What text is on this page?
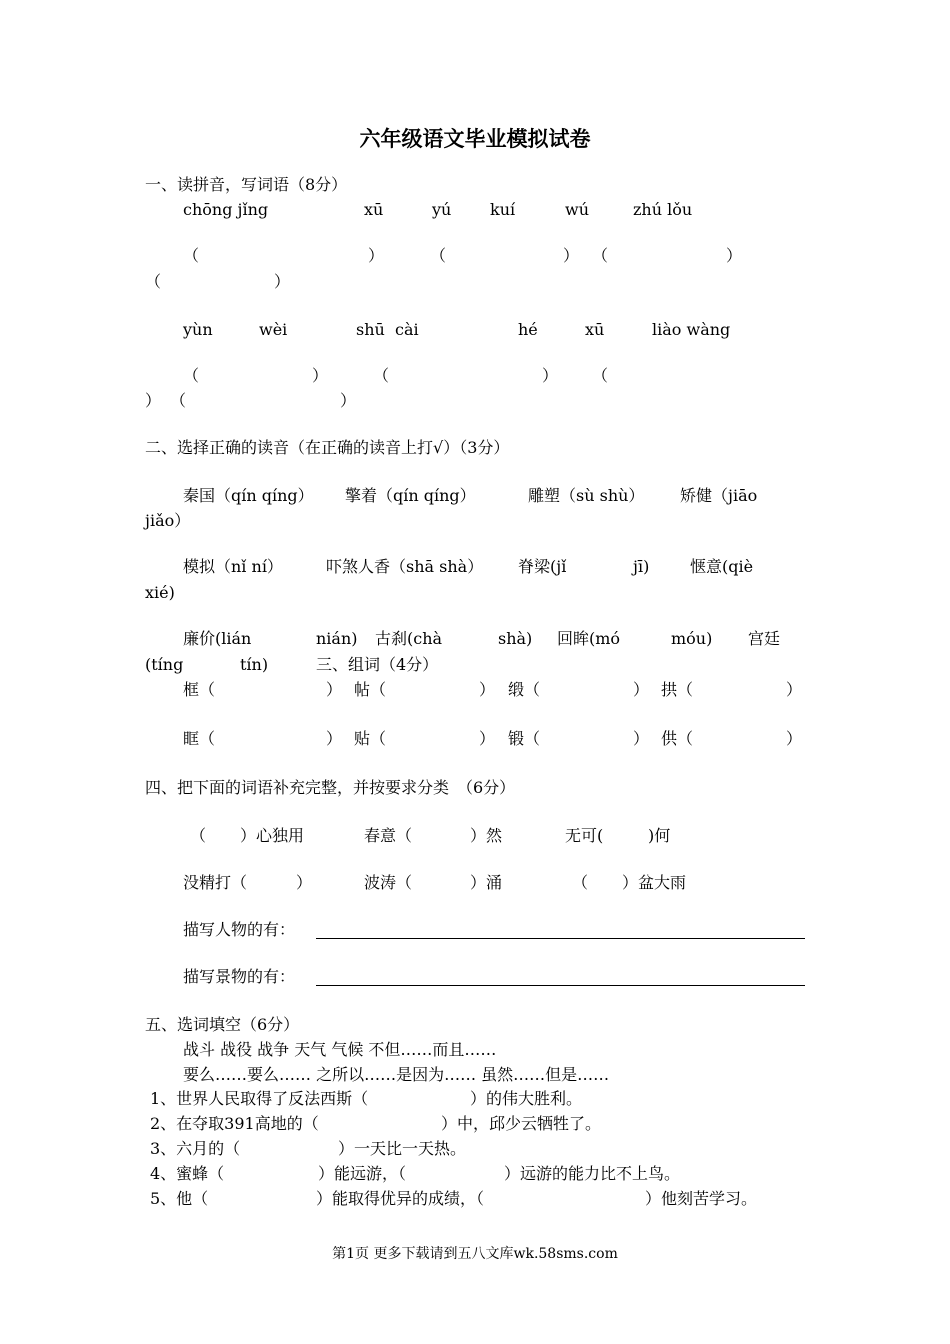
六年级语文毕业模拟试卷
一、读拼音，写词语（8分）
chōng jǐng	xū	yú kuí	wú	zhú lǒu
（	）	（	） （	）
（	）
yùn	wèi	shū  cài	hé	xū	liào wàng
（	）	（	） （
） （	）
二、选择正确的读音（在正确的读音上打√）（3分）
秦国（qín qíng） 擎着（qín qíng）	雕塑（sù shù） 矫健（jiāo
jiǎo）
模拟（nǐ ní）	吓煞人香（shā shà） 脊梁(jǐ	jī)	惬意(qiè
xié)
廉价(lián	nián) 古刹(chà	shà) 回眸(mó	móu) 宫廷
(tíng	tín)	三、组词（4分）
框（	） 帖（	） 缎（	） 拱（	）
眶（	） 贴（	） 锻（	） 供（	）
四、把下面的词语补充完整，并按要求分类　（6分）
（ ）心独用	春意（	）然	无可(	)何
没精打（	）	波涛（	）涌	（ ）盆大雨
描写人物的有：
描写景物的有：
五、选词填空（6分）
战斗 战役 战争 天气 气候 不但……而且……
要么……要么…… 之所以……是因为…… 虽然……但是……
1、世界人民取得了反法西斯（	）的伟大胜利。
2、在夺取391高地的（	）中，邱少云牺牲了。
3、六月的（	）一天比一天热。
4、蜜蜂（	）能远游，（	）远游的能力比不上鸟。
5、他（	）能取得优异的成绩，（	）他刻苦学习。
第1页 更多下载请到五八文库wk.58sms.com
